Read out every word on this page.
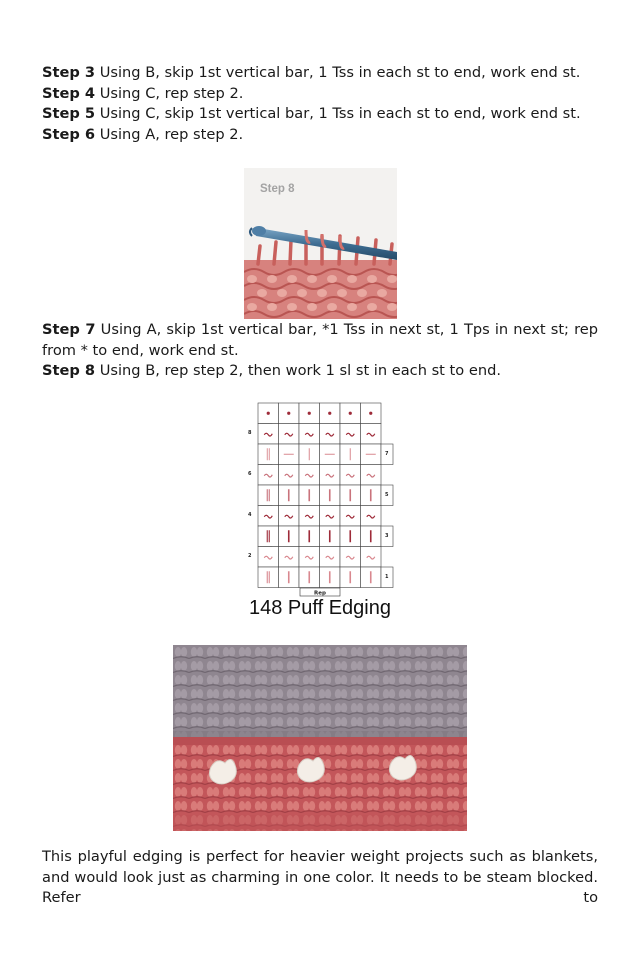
Step 3 Using B, skip 1st vertical bar, 1 Tss in each st to end, work end st.

Step 4 Using C, rep step 2.

Step 5 Using C, skip 1st vertical bar, 1 Tss in each st to end, work end st.

Step 6 Using A, rep step 2.

Step 8

Step 7 Using A, skip 1st vertical bar, *1 Tss in next st, 1 Tps in next st; rep from * to end, work end st.

Step 8 Using B, rep step 2, then work 1 sl st in each st to end.

8
6
4
2
7
5
3
1
Rep
148 Puff Edging

This playful edging is perfect for heavier weight projects such as blankets, and would look just as charming in one color. It needs to be steam blocked. Refer to
